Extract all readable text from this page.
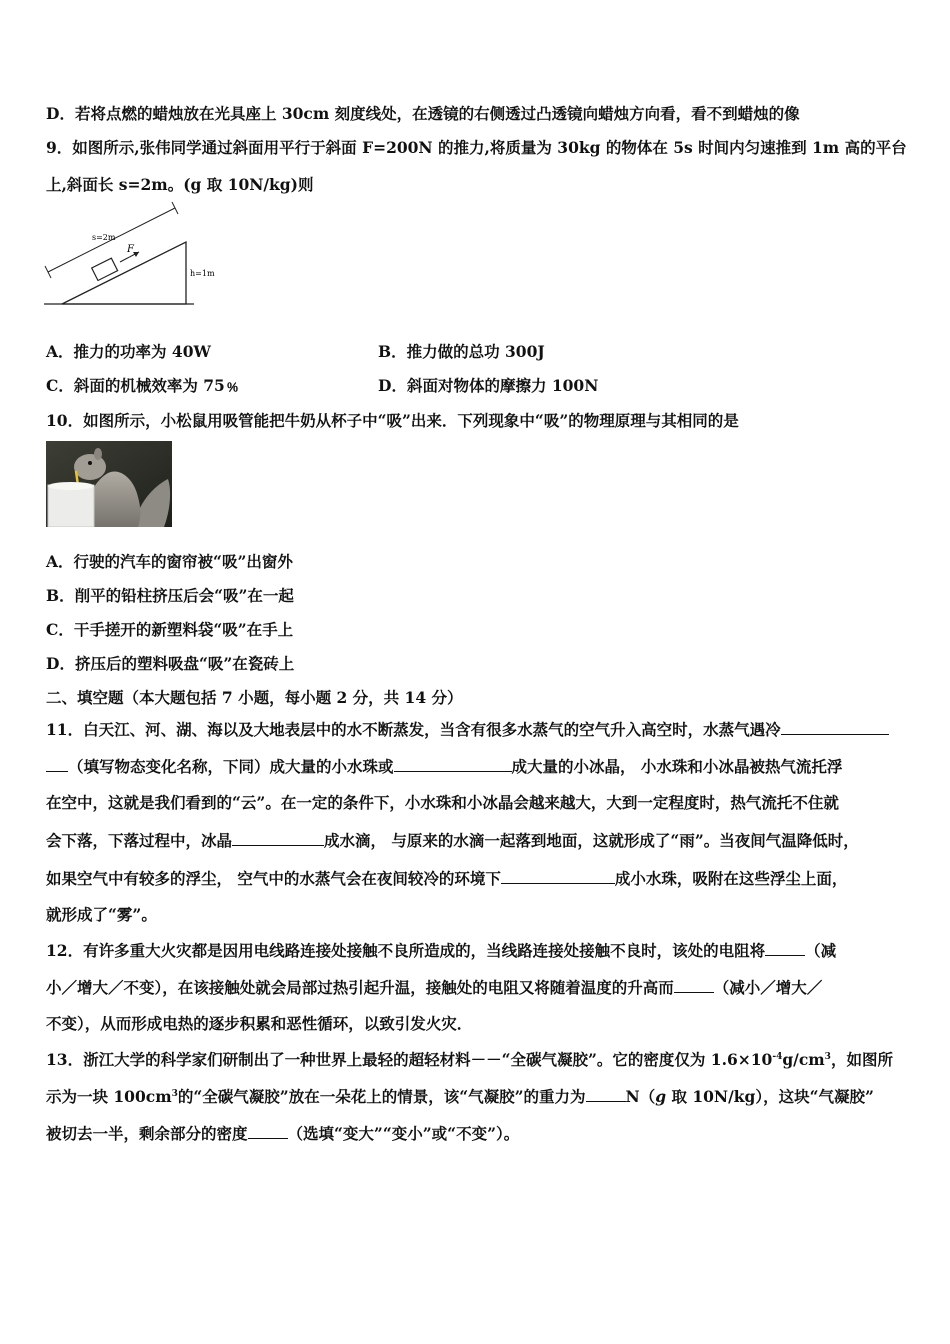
D．若将点燃的蜡烛放在光具座上 30cm 刻度线处，在透镜的右侧透过凸透镜向蜡烛方向看，看不到蜡烛的像
9．如图所示,张伟同学通过斜面用平行于斜面 F=200N 的推力,将质量为 30kg 的物体在 5s 时间内匀速推到 1m 高的平台
上,斜面长 s=2m。(g 取 10N/kg)则
F
s=2m
h=1m
A．推力的功率为 40W	B．推力做的总功 300J
C．斜面的机械效率为 75﹪	D．斜面对物体的摩擦力 100N
10．如图所示，小松鼠用吸管能把牛奶从杯子中“吸”出来．下列现象中“吸”的物理原理与其相同的是
A．行驶的汽车的窗帘被“吸”出窗外
B．削平的铅柱挤压后会“吸”在一起
C．干手搓开的新塑料袋“吸”在手上
D．挤压后的塑料吸盘“吸”在瓷砖上
二、填空题（本大题包括 7 小题，每小题 2 分，共 14 分）
11．白天江、河、湖、海以及大地表层中的水不断蒸发，当含有很多水蒸气的空气升入高空时，水蒸气遇冷
（填写物态变化名称，下同）成大量的小水珠或	成大量的小冰晶， 小水珠和小冰晶被热气流托浮
在空中，这就是我们看到的“云”。在一定的条件下，小水珠和小冰晶会越来越大，大到一定程度时，热气流托不住就
会下落，下落过程中，冰晶	成水滴， 与原来的水滴一起落到地面，这就形成了“雨”。当夜间气温降低时，
如果空气中有较多的浮尘， 空气中的水蒸气会在夜间较冷的环境下	成小水珠，吸附在这些浮尘上面，
就形成了“雾”。
12．有许多重大火灾都是因用电线路连接处接触不良所造成的，当线路连接处接触不良时，该处的电阻将	（减
小／增大／不变），在该接触处就会局部过热引起升温，接触处的电阻又将随着温度的升高而	（减小／增大／
不变），从而形成电热的逐步积累和恶性循环，以致引发火灾．
13．浙江大学的科学家们研制出了一种世界上最轻的超轻材料－－“全碳气凝胶”。它的密度仅为 $1.6\times 10^{-4}g/cm^3$，如图所
示为一块 $100cm^3$的“全碳气凝胶”放在一朵花上的情景，该“气凝胶”的重力为	N（g 取 10N/kg），这块“气凝胶”
被切去一半，剩余部分的密度	（选填“变大”“变小”或“不变”）。
